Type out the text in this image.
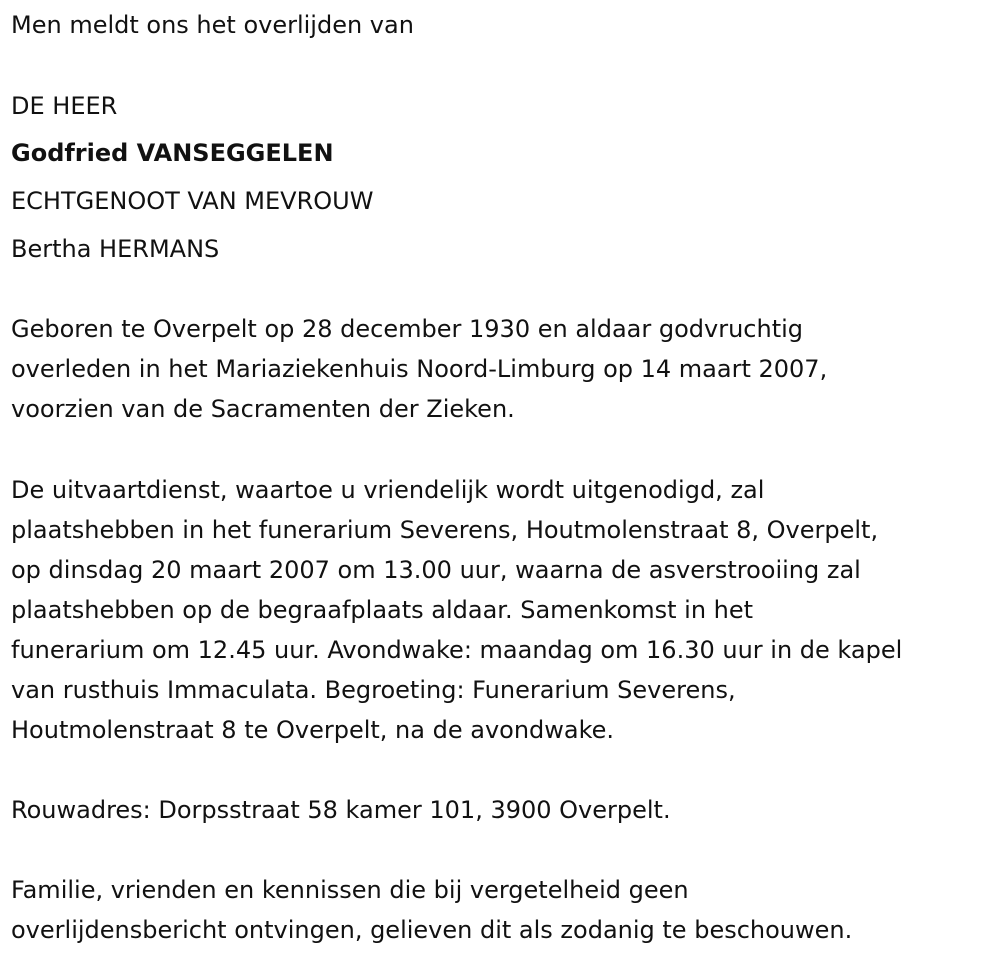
Men meldt ons het overlijden van

DE HEER

Godfried VANSEGGELEN

ECHTGENOOT VAN MEVROUW

Bertha HERMANS

Geboren te Overpelt op 28 december 1930 en aldaar godvruchtig

overleden in het Mariaziekenhuis Noord-Limburg op 14 maart 2007,

voorzien van de Sacramenten der Zieken.

De uitvaartdienst, waartoe u vriendelijk wordt uitgenodigd, zal

plaatshebben in het funerarium Severens, Houtmolenstraat 8, Overpelt,

op dinsdag 20 maart 2007 om 13.00 uur, waarna de asverstrooiing zal

plaatshebben op de begraafplaats aldaar. Samenkomst in het

funerarium om 12.45 uur. Avondwake: maandag om 16.30 uur in de kapel

van rusthuis Immaculata. Begroeting: Funerarium Severens,

Houtmolenstraat 8 te Overpelt, na de avondwake.

Rouwadres: Dorpsstraat 58 kamer 101, 3900 Overpelt.

Familie, vrienden en kennissen die bij vergetelheid geen

overlijdensbericht ontvingen, gelieven dit als zodanig te beschouwen.
